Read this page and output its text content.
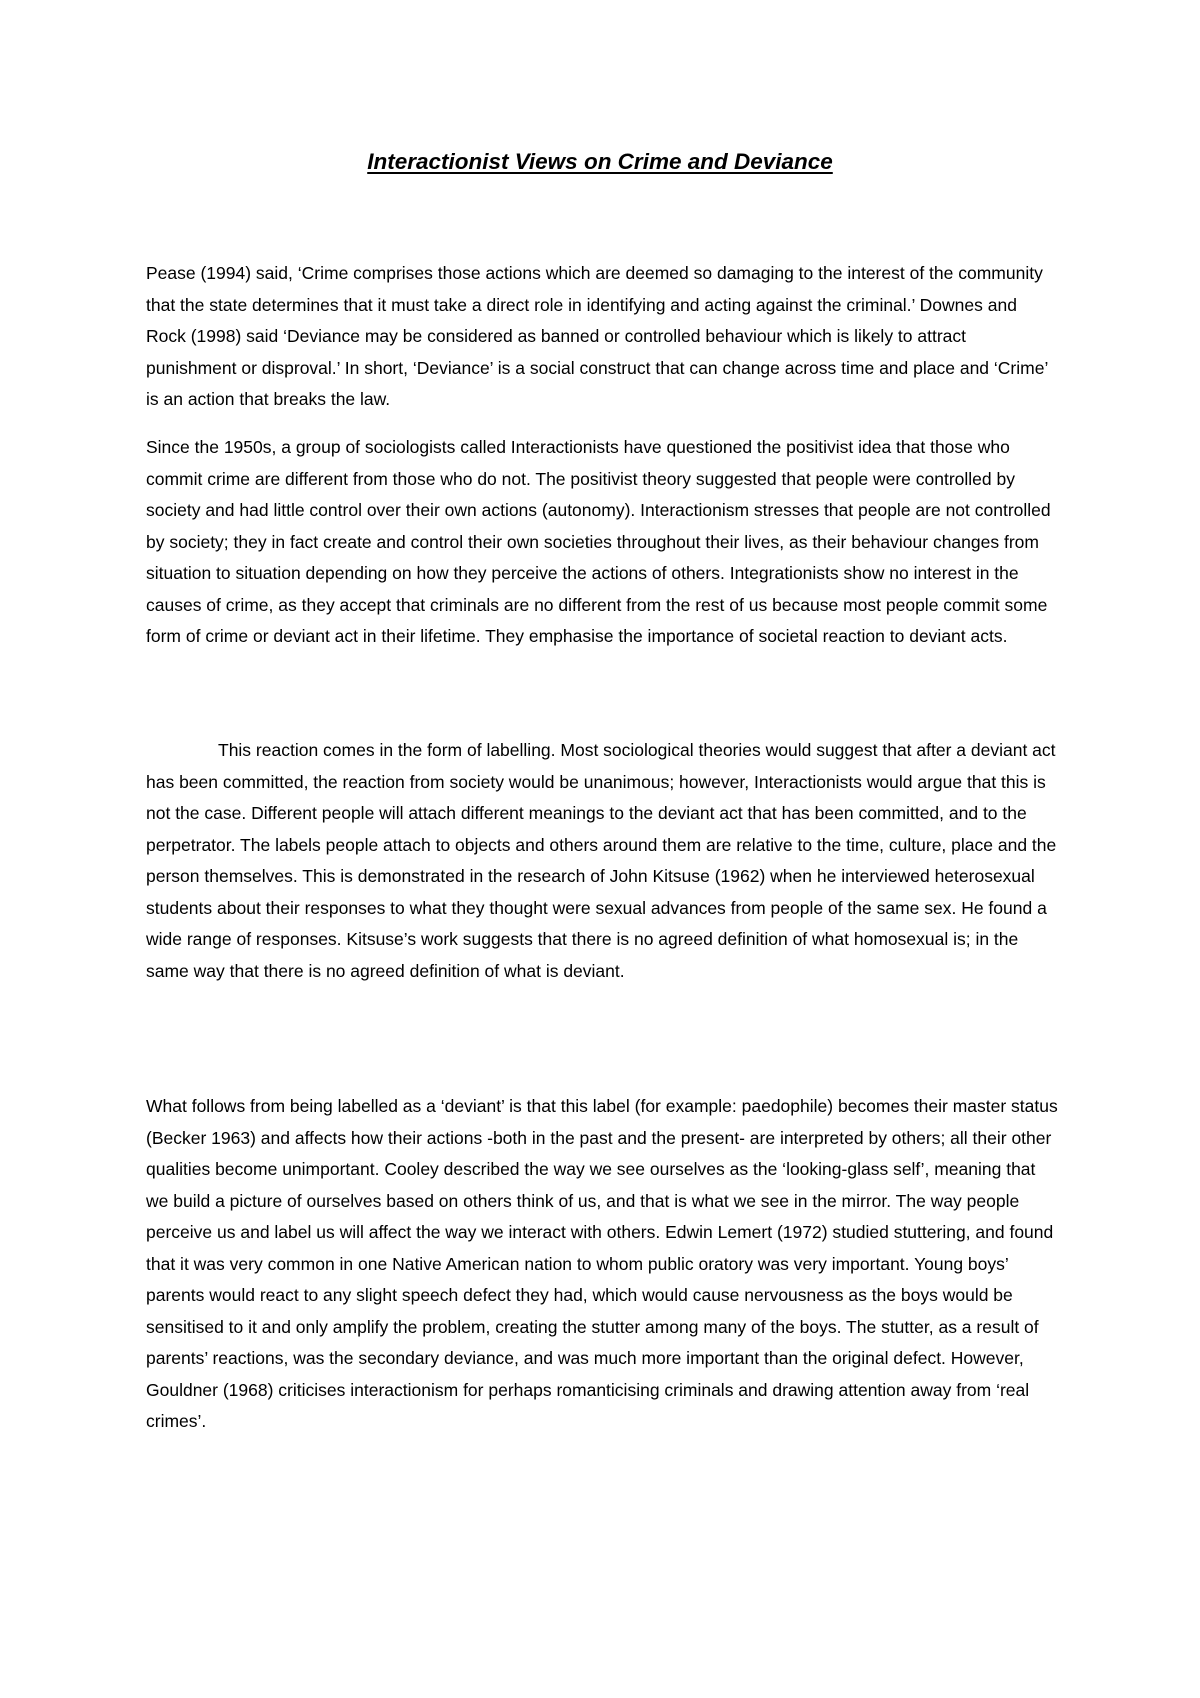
Interactionist Views on Crime and Deviance

Pease (1994) said, ‘Crime comprises those actions which are deemed so damaging to the interest of the community that the state determines that it must take a direct role in identifying and acting against the criminal.’ Downes and Rock (1998) said ‘Deviance may be considered as banned or controlled behaviour which is likely to attract punishment or disproval.’ In short, ‘Deviance’ is a social construct that can change across time and place and ‘Crime’ is an action that breaks the law.

Since the 1950s, a group of sociologists called Interactionists have questioned the positivist idea that those who commit crime are different from those who do not. The positivist theory suggested that people were controlled by society and had little control over their own actions (autonomy). Interactionism stresses that people are not controlled by society; they in fact create and control their own societies throughout their lives, as their behaviour changes from situation to situation depending on how they perceive the actions of others. Integrationists show no interest in the causes of crime, as they accept that criminals are no different from the rest of us because most people commit some form of crime or deviant act in their lifetime. They emphasise the importance of societal reaction to deviant acts.

This reaction comes in the form of labelling. Most sociological theories would suggest that after a deviant act has been committed, the reaction from society would be unanimous; however, Interactionists would argue that this is not the case. Different people will attach different meanings to the deviant act that has been committed, and to the perpetrator. The labels people attach to objects and others around them are relative to the time, culture, place and the person themselves. This is demonstrated in the research of John Kitsuse (1962) when he interviewed heterosexual students about their responses to what they thought were sexual advances from people of the same sex. He found a wide range of responses. Kitsuse’s work suggests that there is no agreed definition of what homosexual is; in the same way that there is no agreed definition of what is deviant.

What follows from being labelled as a ‘deviant’ is that this label (for example: paedophile) becomes their master status (Becker 1963) and affects how their actions -both in the past and the present- are interpreted by others; all their other qualities become unimportant. Cooley described the way we see ourselves as the ‘looking-glass self’, meaning that we build a picture of ourselves based on others think of us, and that is what we see in the mirror. The way people perceive us and label us will affect the way we interact with others. Edwin Lemert (1972) studied stuttering, and found that it was very common in one Native American nation to whom public oratory was very important. Young boys’ parents would react to any slight speech defect they had, which would cause nervousness as the boys would be sensitised to it and only amplify the problem, creating the stutter among many of the boys. The stutter, as a result of parents’ reactions, was the secondary deviance, and was much more important than the original defect. However, Gouldner (1968) criticises interactionism for perhaps romanticising criminals and drawing attention away from ‘real crimes’.
